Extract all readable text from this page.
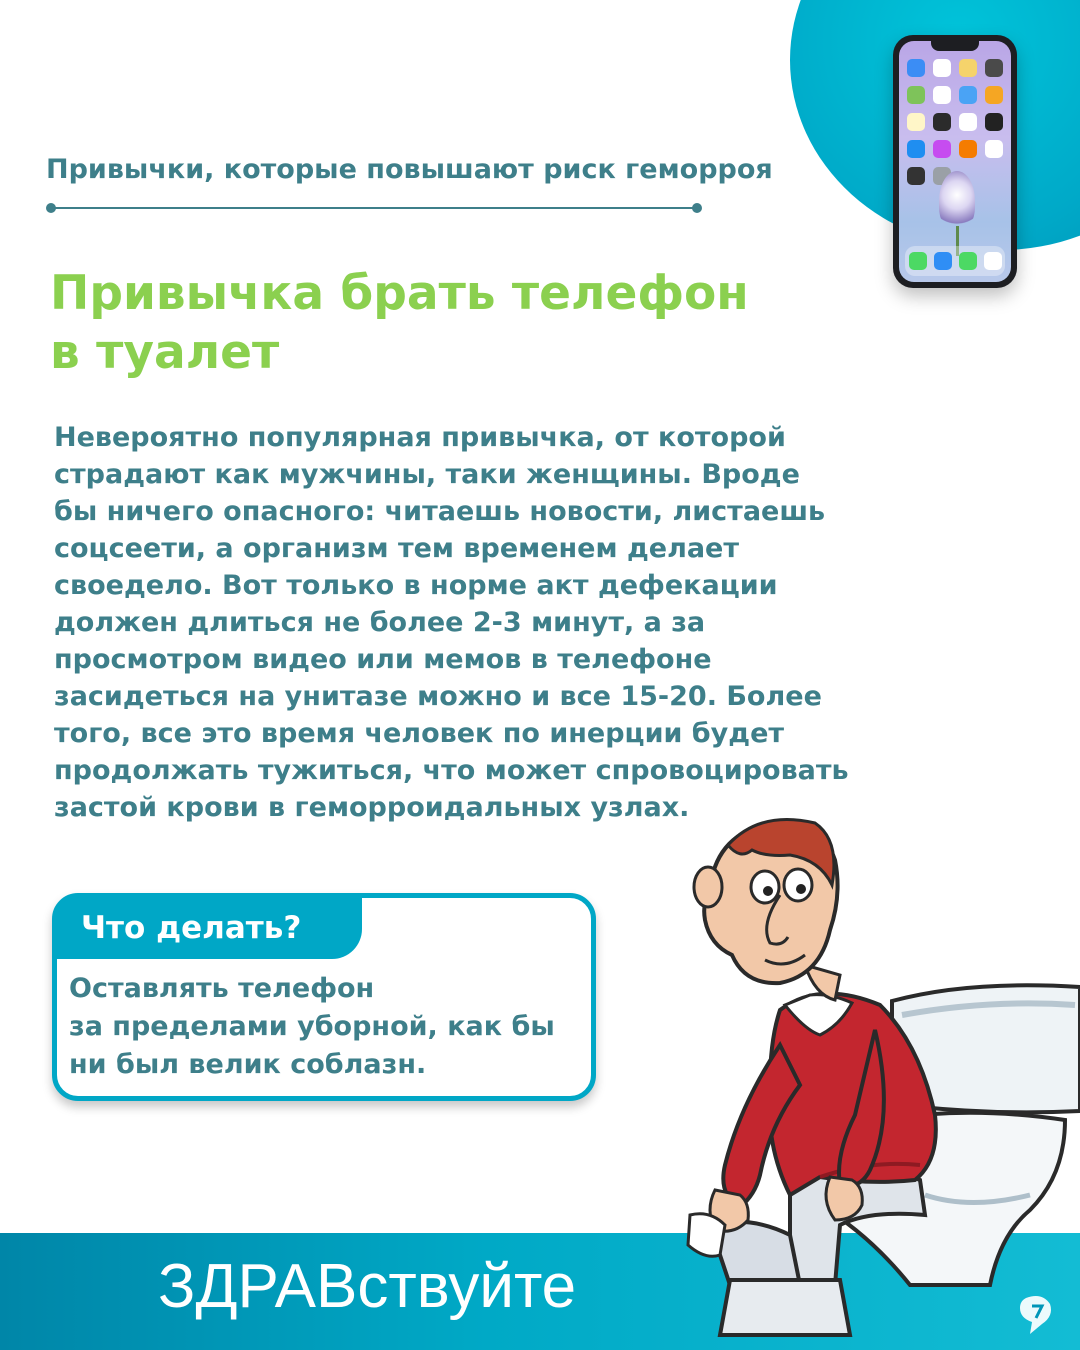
Привычки, которые повышают риск геморроя
Привычка брать телефон
в туалет

Невероятно популярная привычка, от которой
страдают как мужчины, таки женщины. Вроде
бы ничего опасного: читаешь новости, листаешь
соцсеети, а организм тем временем делает
своеделo. Вот только в норме акт дефекации
должен длиться не более 2-3 минут, а за
просмотром видео или мемов в телефоне
засидеться на унитазе можно и все 15-20. Более
того, все это время человек по инерции будет
продолжать тужиться, что может спровоцировать
застой крови в геморроидальных узлах.

Что делать?

Оставлять телефон
за пределами уборной, как бы
ни был велик соблазн.

ЗДРАВствуйте
